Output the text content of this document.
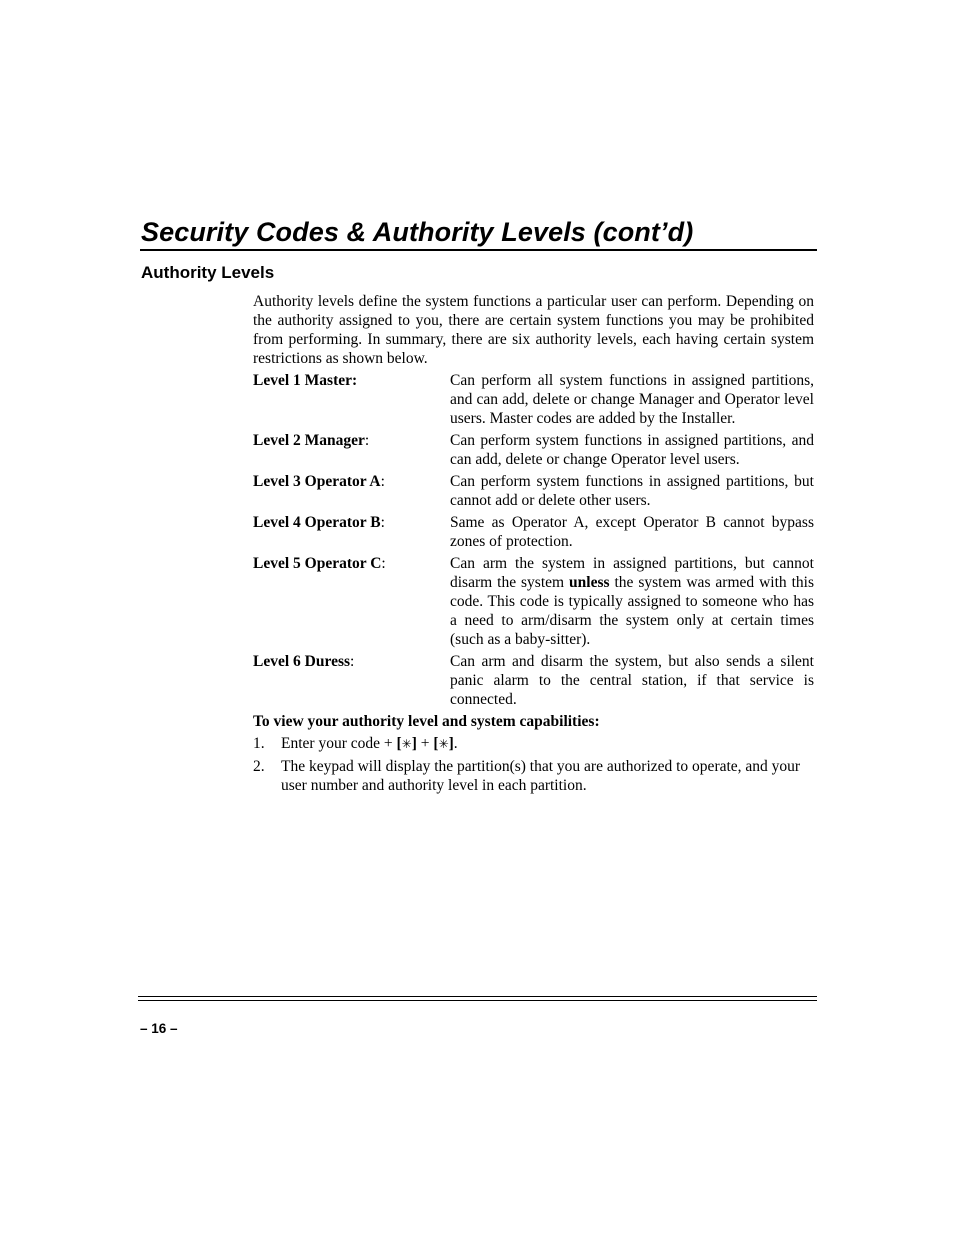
Security Codes & Authority Levels (cont’d)
Authority Levels

Authority levels define the system functions a particular user can perform. Depending on the authority assigned to you, there are certain system functions you may be prohibited from performing. In summary, there are six authority levels, each having certain system restrictions as shown below.

Level 1 Master:	Can perform all system functions in assigned partitions, and can add, delete or change Manager and Operator level users. Master codes are added by the Installer.
Level 2 Manager:	Can perform system functions in assigned partitions, and can add, delete or change Operator level users.
Level 3 Operator A:	Can perform system functions in assigned partitions, but cannot add or delete other users.
Level 4 Operator B:	Same as Operator A, except Operator B cannot bypass zones of protection.
Level 5 Operator C:	Can arm the system in assigned partitions, but cannot disarm the system unless the system was armed with this code. This code is typically assigned to someone who has a need to arm/disarm the system only at certain times (such as a baby-sitter).
Level 6 Duress:	Can arm and disarm the system, but also sends a silent panic alarm to the central station, if that service is connected.

To view your authority level and system capabilities:

1.	Enter your code + [✳] + [✳].
2.	The keypad will display the partition(s) that you are authorized to operate, and your user number and authority level in each partition.
– 16 –
